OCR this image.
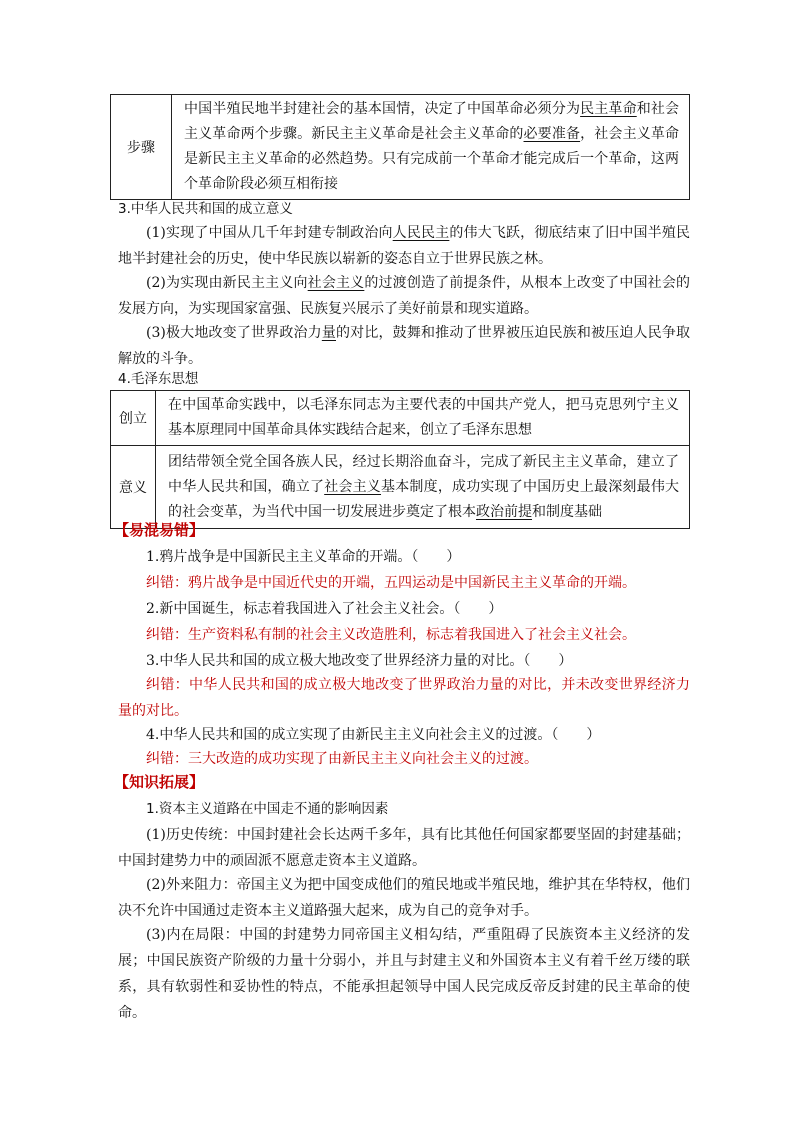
步骤	中国半殖民地半封建社会的基本国情，决定了中国革命必须分为民主革命和社会主义革命两个步骤。新民主主义革命是社会主义革命的必要准备，社会主义革命是新民主主义革命的必然趋势。只有完成前一个革命才能完成后一个革命，这两个革命阶段必须互相衔接
3.中华人民共和国的成立意义
(1)实现了中国从几千年封建专制政治向人民民主的伟大飞跃，彻底结束了旧中国半殖民地半封建社会的历史，使中华民族以崭新的姿态自立于世界民族之林。
(2)为实现由新民主主义向社会主义的过渡创造了前提条件，从根本上改变了中国社会的发展方向，为实现国家富强、民族复兴展示了美好前景和现实道路。
(3)极大地改变了世界政治力量的对比，鼓舞和推动了世界被压迫民族和被压迫人民争取解放的斗争。
4.毛泽东思想
创立	在中国革命实践中，以毛泽东同志为主要代表的中国共产党人，把马克思列宁主义基本原理同中国革命具体实践结合起来，创立了毛泽东思想
意义	团结带领全党全国各族人民，经过长期浴血奋斗，完成了新民主主义革命，建立了中华人民共和国，确立了社会主义基本制度，成功实现了中国历史上最深刻最伟大的社会变革，为当代中国一切发展进步奠定了根本政治前提和制度基础
【易混易错】
1.鸦片战争是中国新民主主义革命的开端。（　　）
纠错：鸦片战争是中国近代史的开端，五四运动是中国新民主主义革命的开端。
2.新中国诞生，标志着我国进入了社会主义社会。（　　）
纠错：生产资料私有制的社会主义改造胜利，标志着我国进入了社会主义社会。
3.中华人民共和国的成立极大地改变了世界经济力量的对比。（　　）
纠错：中华人民共和国的成立极大地改变了世界政治力量的对比，并未改变世界经济力量的对比。
4.中华人民共和国的成立实现了由新民主主义向社会主义的过渡。（　　）
纠错：三大改造的成功实现了由新民主主义向社会主义的过渡。
【知识拓展】
1.资本主义道路在中国走不通的影响因素
(1)历史传统：中国封建社会长达两千多年，具有比其他任何国家都要坚固的封建基础；中国封建势力中的顽固派不愿意走资本主义道路。
(2)外来阻力：帝国主义为把中国变成他们的殖民地或半殖民地，维护其在华特权，他们决不允许中国通过走资本主义道路强大起来，成为自己的竞争对手。
(3)内在局限：中国的封建势力同帝国主义相勾结，严重阻碍了民族资本主义经济的发展；中国民族资产阶级的力量十分弱小，并且与封建主义和外国资本主义有着千丝万缕的联系，具有软弱性和妥协性的特点，不能承担起领导中国人民完成反帝反封建的民主革命的使命。
